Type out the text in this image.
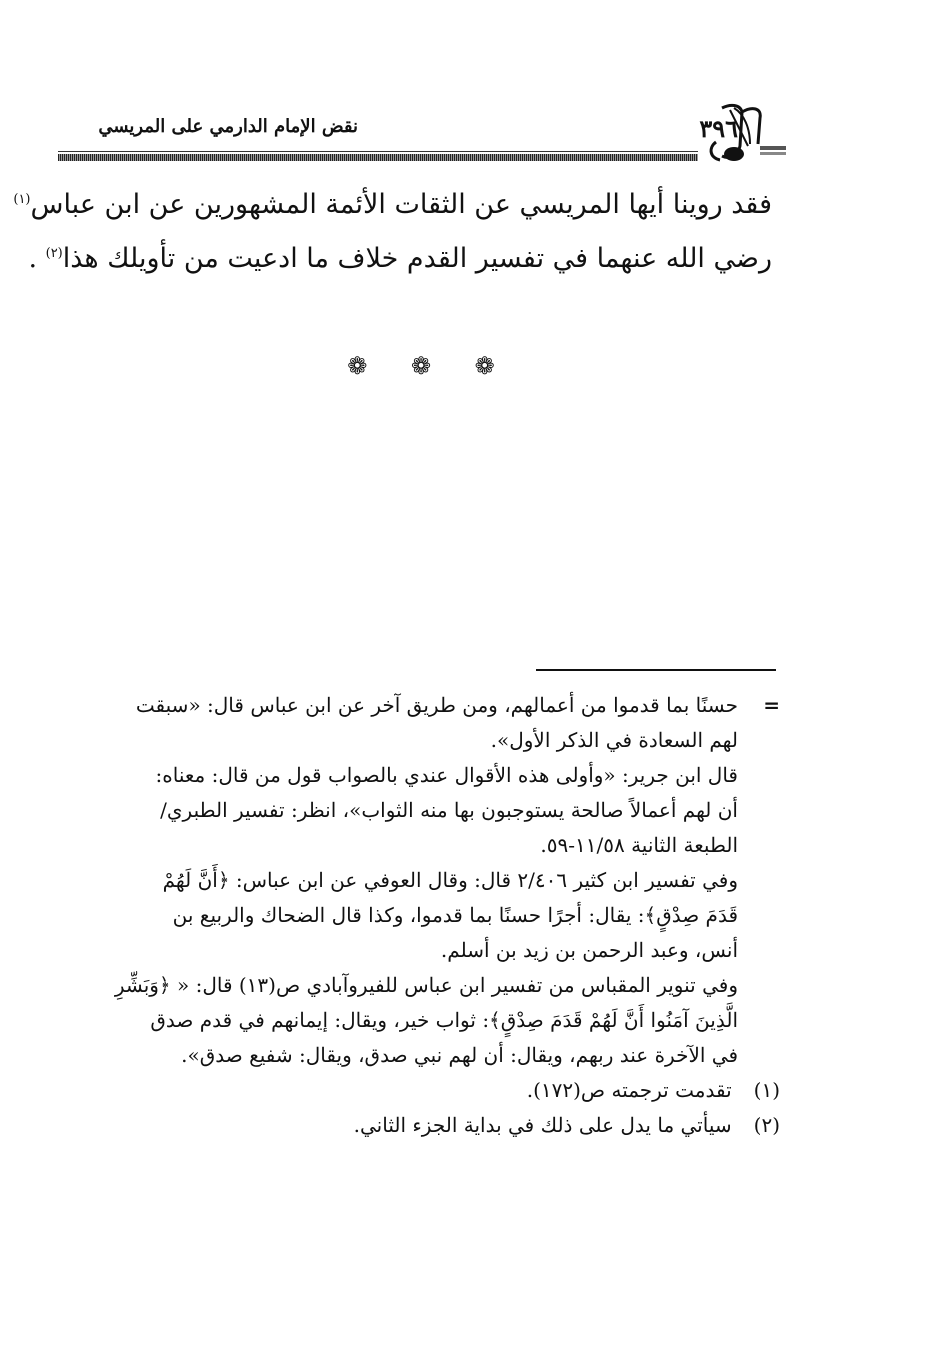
نقض الإمام الدارمي على المريسي	٣٩٦

فقد روينا أيها المريسي عن الثقات الأئمة المشهورين عن ابن عباس$^{(١)}$

رضي الله عنهما في تفسير القدم خلاف ما ادعيت من تأويلك هذا$^{(٢)}$ .

❁ ❁ ❁
=

حسنًا بما قدموا من أعمالهم، ومن طريق آخر عن ابن عباس قال: «سبقت

لهم السعادة في الذكر الأول».

قال ابن جرير: «وأولى هذه الأقوال عندي بالصواب قول من قال: معناه:

أن لهم أعمالاً صالحة يستوجبون بها منه الثواب»، انظر: تفسير الطبري/

الطبعة الثانية ١١/٥٨-٥٩.

وفي تفسير ابن كثير ٢/٤٠٦ قال: وقال العوفي عن ابن عباس: ﴿أَنَّ لَهُمْ

قَدَمَ صِدْقٍ﴾: يقال: أجرًا حسنًا بما قدموا، وكذا قال الضحاك والربيع بن

أنس، وعبد الرحمن بن زيد بن أسلم.

وفي تنوير المقباس من تفسير ابن عباس للفيروآبادي ص(١٣) قال: « ﴿وَبَشِّرِ

الَّذِينَ آمَنُوا أَنَّ لَهُمْ قَدَمَ صِدْقٍ﴾: ثواب خير، ويقال: إيمانهم في قدم صدق

في الآخرة عند ربهم، ويقال: أن لهم نبي صدق، ويقال: شفيع صدق».

(١) تقدمت ترجمته ص(١٧٢).

(٢) سيأتي ما يدل على ذلك في بداية الجزء الثاني.
